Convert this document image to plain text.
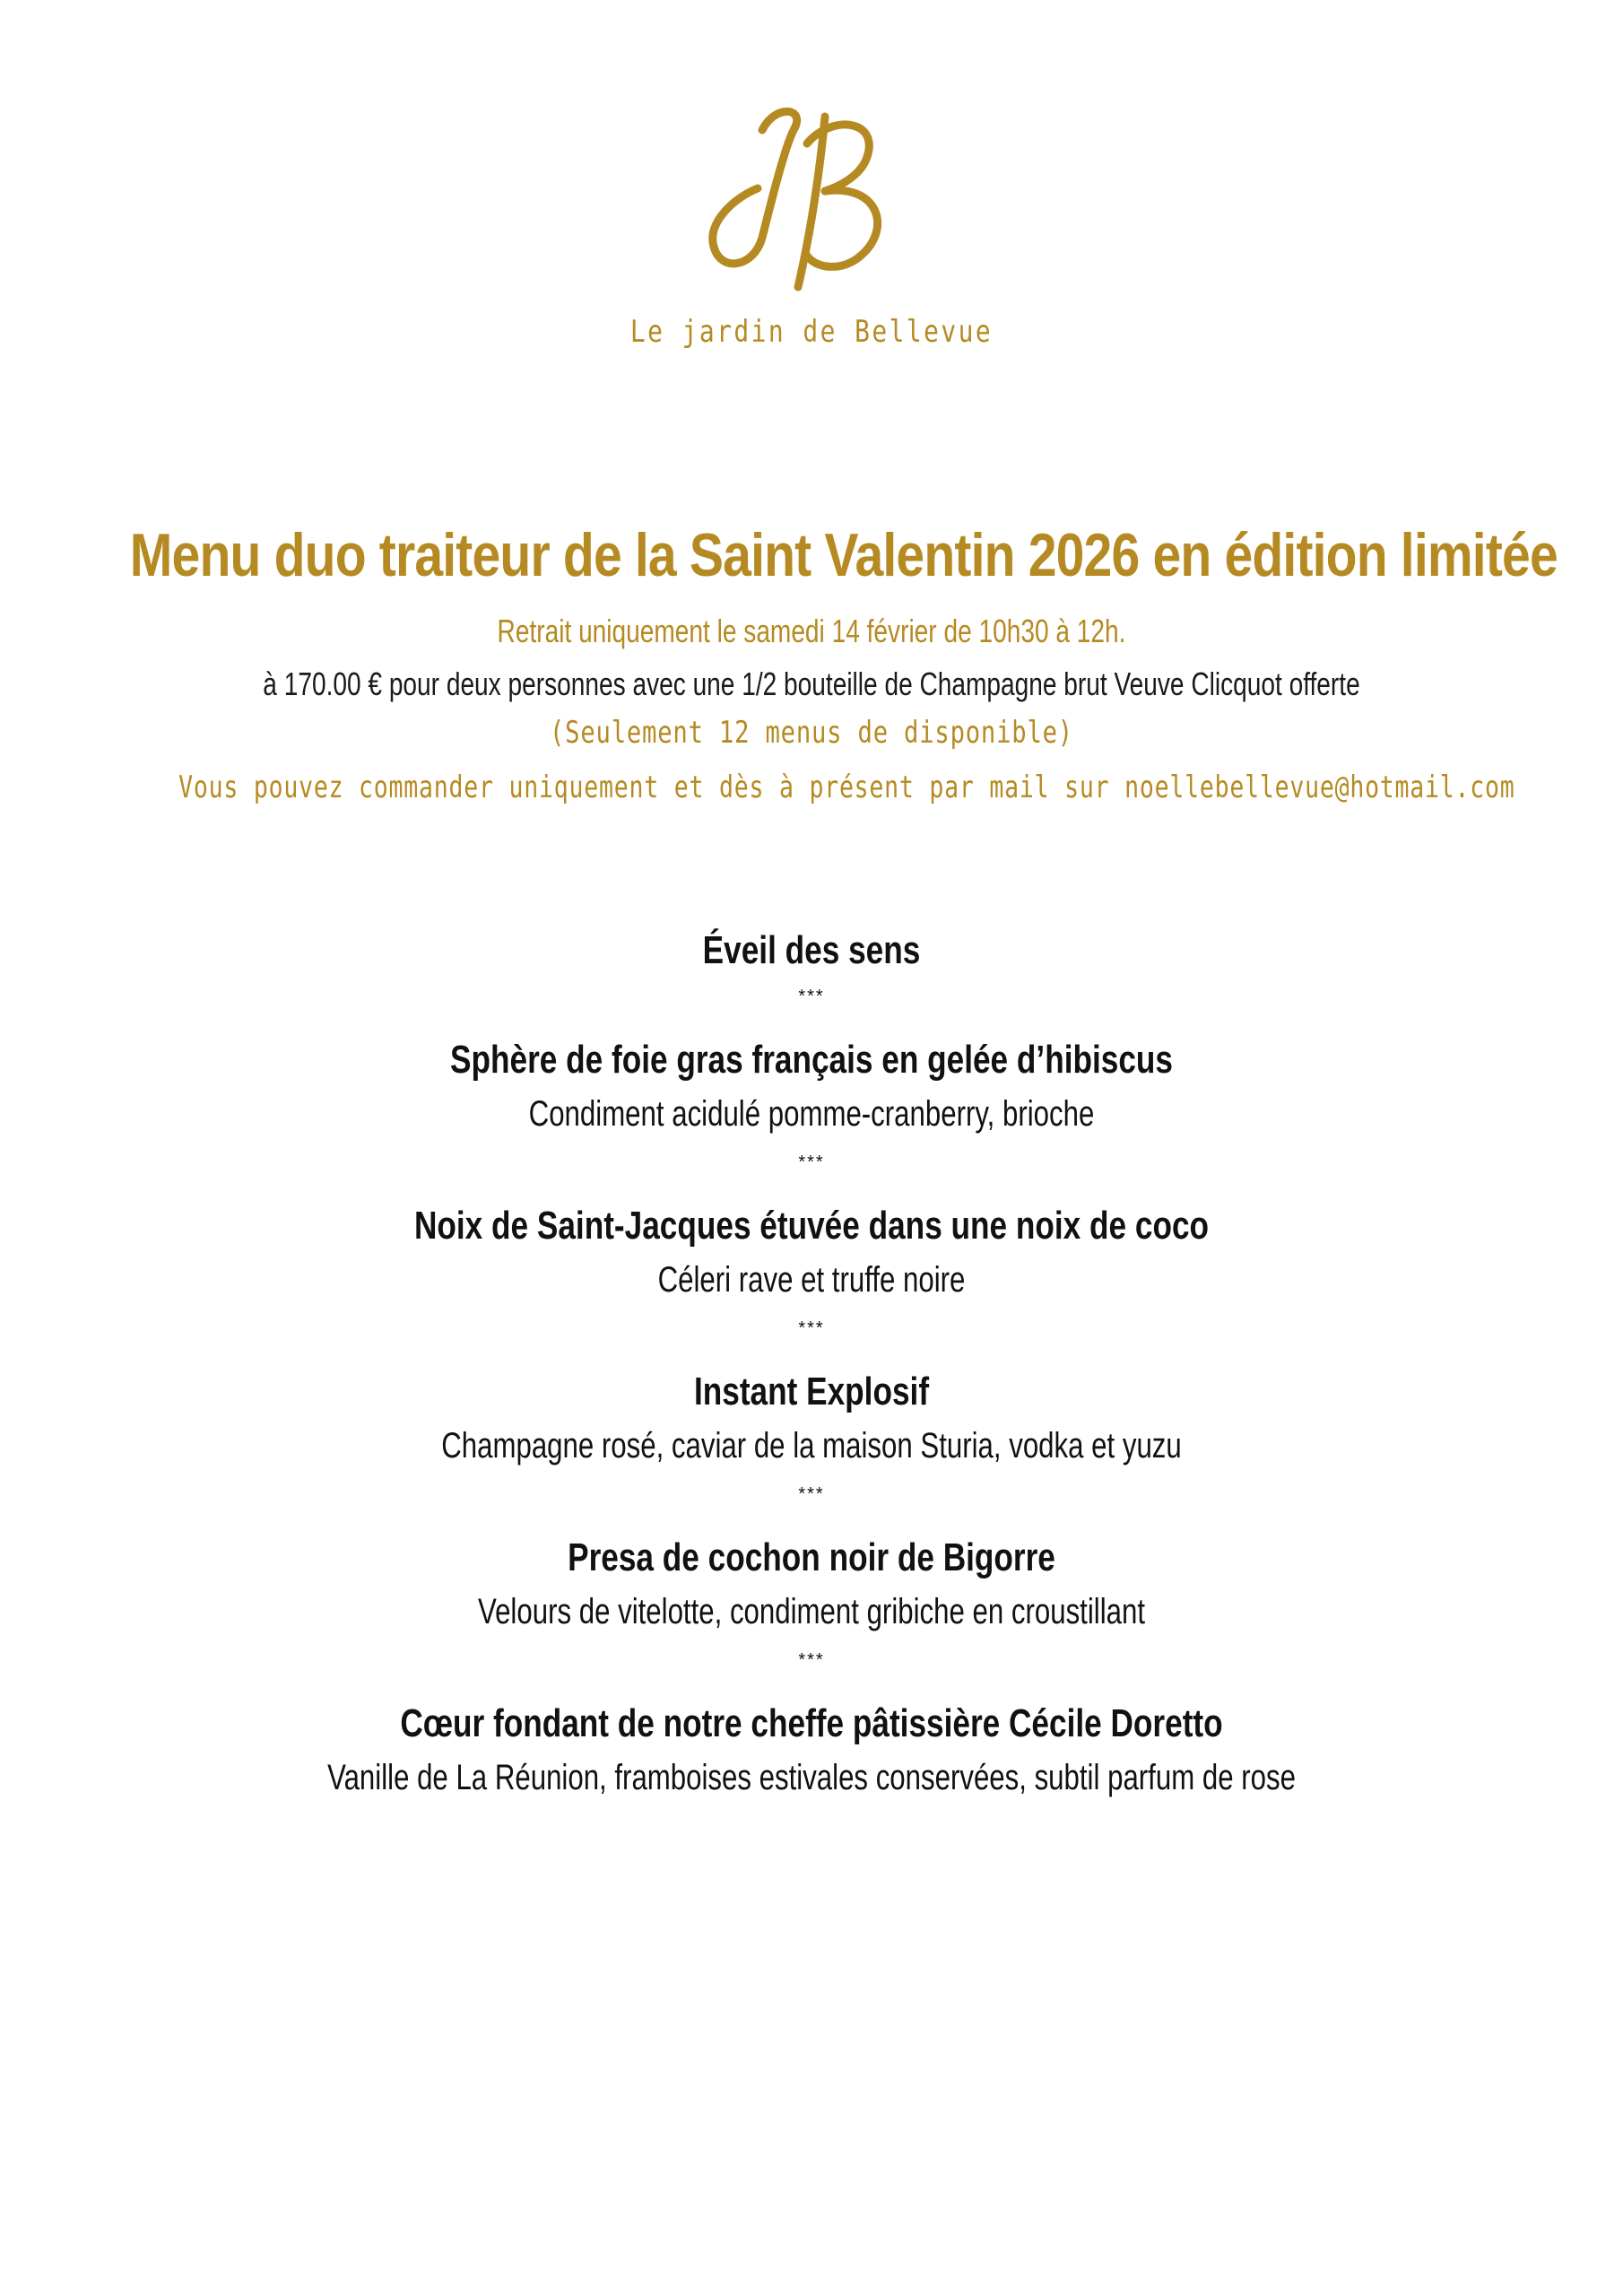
Le jardin de Bellevue
Menu duo traiteur de la Saint Valentin 2026 en édition limitée
Retrait uniquement le samedi 14 février de 10h30 à 12h.
à 170.00 € pour deux personnes avec une 1/2 bouteille de Champagne brut Veuve Clicquot offerte
(Seulement 12 menus de disponible)
Vous pouvez commander uniquement et dès à présent par mail sur noellebellevue@hotmail.com
Éveil des sens
***
Sphère de foie gras français en gelée d’hibiscus
Condiment acidulé pomme-cranberry, brioche
***
Noix de Saint-Jacques étuvée dans une noix de coco
Céleri rave et truffe noire
***
Instant Explosif
Champagne rosé, caviar de la maison Sturia, vodka et yuzu
***
Presa de cochon noir de Bigorre
Velours de vitelotte, condiment gribiche en croustillant
***
Cœur fondant de notre cheffe pâtissière Cécile Doretto
Vanille de La Réunion, framboises estivales conservées, subtil parfum de rose
